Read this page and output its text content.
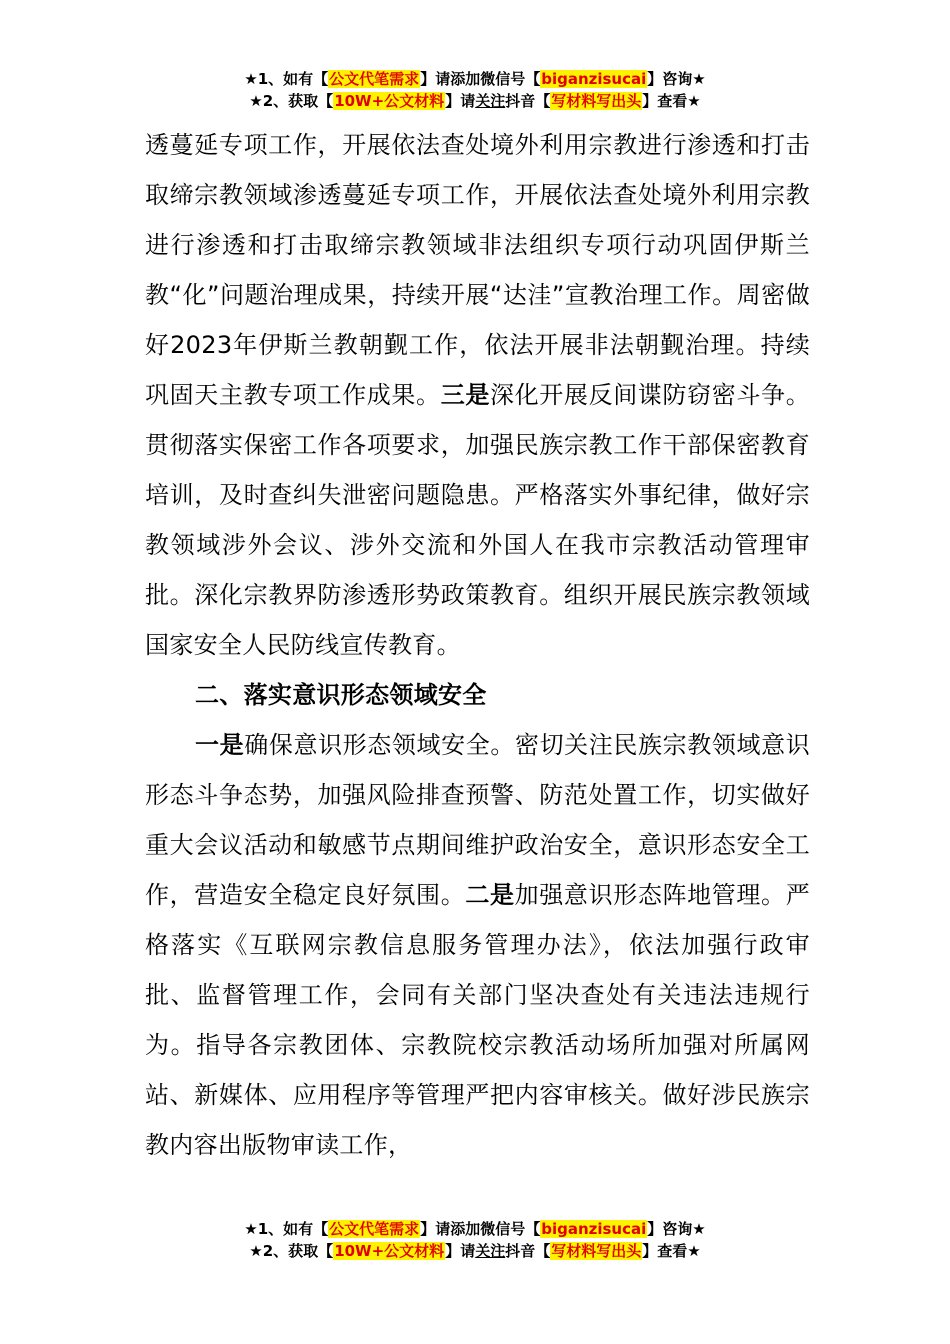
★1、如有【公文代笔需求】请添加微信号【biganzisucai】咨询★
★2、获取【10W+公文材料】请关注抖音【写材料写出头】查看★

透蔓延专项工作，开展依法查处境外利用宗教进行渗透和打击取缔宗教领域渗透蔓延专项工作，开展依法查处境外利用宗教进行渗透和打击取缔宗教领域非法组织专项行动巩固伊斯兰教“化”问题治理成果，持续开展“达洼”宣教治理工作。周密做好2023年伊斯兰教朝觐工作，依法开展非法朝觐治理。持续巩固天主教专项工作成果。三是深化开展反间谍防窃密斗争。贯彻落实保密工作各项要求，加强民族宗教工作干部保密教育培训，及时查纠失泄密问题隐患。严格落实外事纪律，做好宗教领域涉外会议、涉外交流和外国人在我市宗教活动管理审批。深化宗教界防渗透形势政策教育。组织开展民族宗教领域国家安全人民防线宣传教育。

二、落实意识形态领域安全

一是确保意识形态领域安全。密切关注民族宗教领域意识形态斗争态势，加强风险排查预警、防范处置工作，切实做好重大会议活动和敏感节点期间维护政治安全，意识形态安全工作，营造安全稳定良好氛围。二是加强意识形态阵地管理。严格落实《互联网宗教信息服务管理办法》，依法加强行政审批、监督管理工作，会同有关部门坚决查处有关违法违规行为。指导各宗教团体、宗教院校宗教活动场所加强对所属网站、新媒体、应用程序等管理严把内容审核关。做好涉民族宗教内容出版物审读工作，

★1、如有【公文代笔需求】请添加微信号【biganzisucai】咨询★
★2、获取【10W+公文材料】请关注抖音【写材料写出头】查看★
